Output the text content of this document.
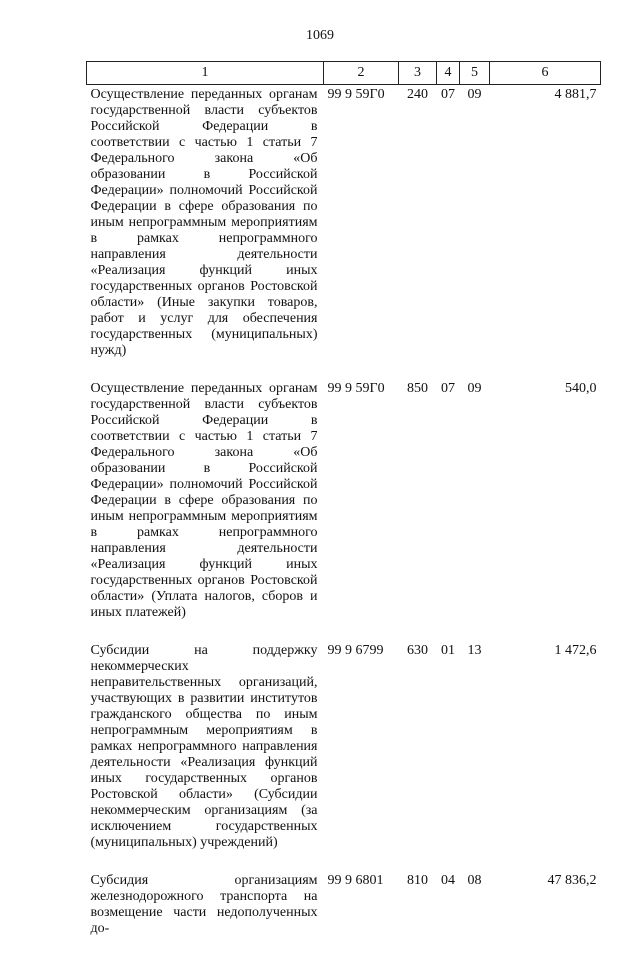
1069
1	2	3	4	5	6
Осуществление переданных органам государственной власти субъектов Российской Федерации в соответствии с частью 1 статьи 7 Федерального закона «Об образовании в Российской Федерации» полномочий Российской Федерации в сфере образования по иным непрограммным мероприятиям в рамках непрограммного направления деятельности «Реализация функций иных государственных органов Ростовской области» (Иные закупки товаров, работ и услуг для обеспечения государственных (муниципальных) нужд)	99 9 59Г0	240	07	09	4 881,7
Осуществление переданных органам государственной власти субъектов Российской Федерации в соответствии с частью 1 статьи 7 Федерального закона «Об образовании в Российской Федерации» полномочий Российской Федерации в сфере образования по иным непрограммным мероприятиям в рамках непрограммного направления деятельности «Реализация функций иных государственных органов Ростовской области» (Уплата налогов, сборов и иных платежей)	99 9 59Г0	850	07	09	540,0
Субсидии на поддержку некоммерческих неправительственных организаций, участвующих в развитии институтов гражданского общества по иным непрограммным мероприятиям в рамках непрограммного направления деятельности «Реализация функций иных государственных органов Ростовской области» (Субсидии некоммерческим организациям (за исключением государственных (муниципальных) учреждений)	99 9 6799	630	01	13	1 472,6
Субсидия организациям железнодорожного транспорта на возмещение части недополученных до-	99 9 6801	810	04	08	47 836,2
